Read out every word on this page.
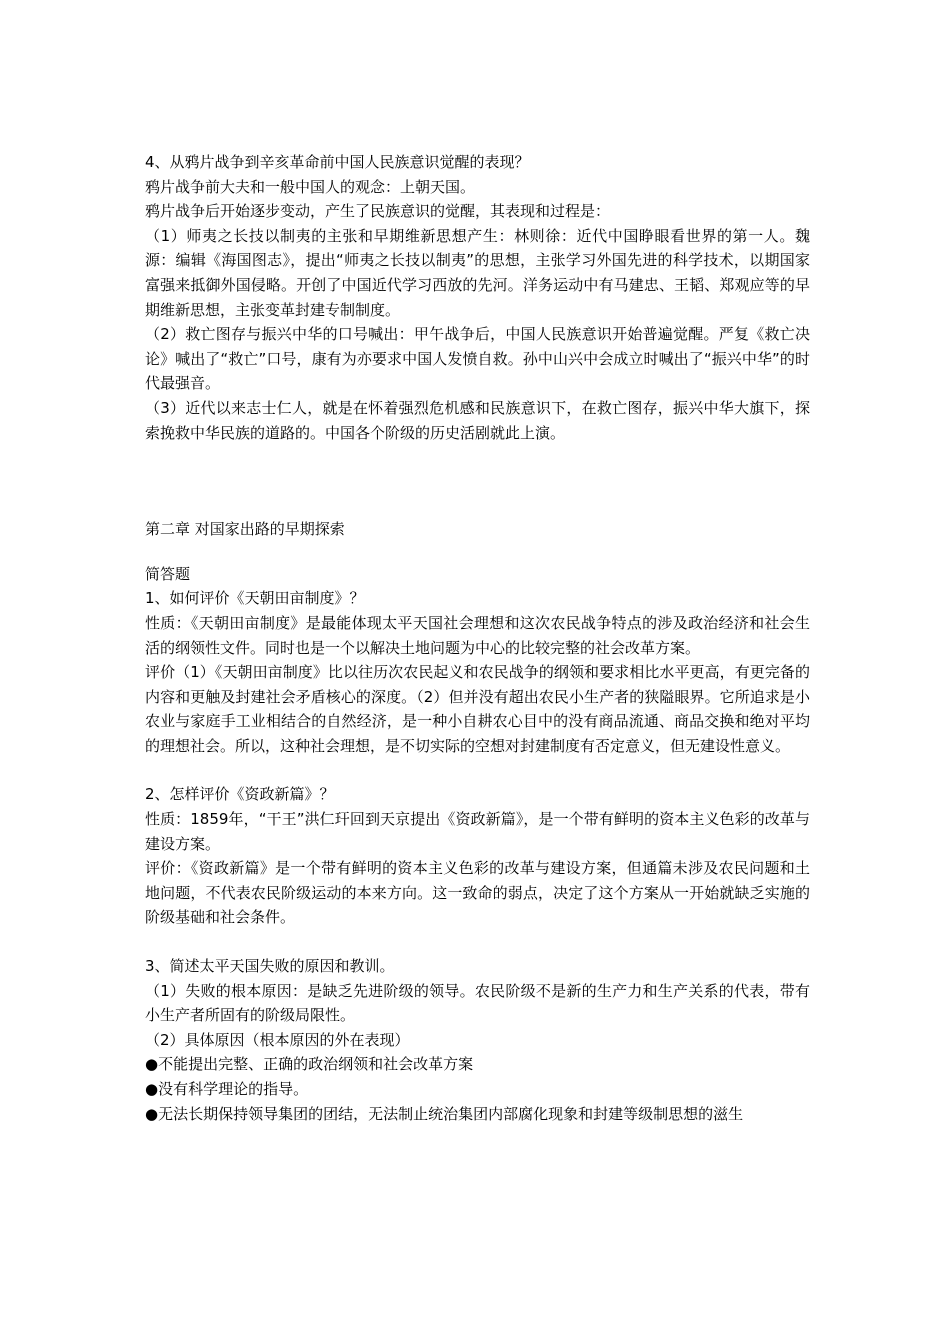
4、从鸦片战争到辛亥革命前中国人民族意识觉醒的表现？

鸦片战争前大夫和一般中国人的观念：上朝天国。

鸦片战争后开始逐步变动，产生了民族意识的觉醒，其表现和过程是：

（1）师夷之长技以制夷的主张和早期维新思想产生：林则徐：近代中国睁眼看世界的第一人。魏源：编辑《海国图志》，提出“师夷之长技以制夷”的思想，主张学习外国先进的科学技术，以期国家富强来抵御外国侵略。开创了中国近代学习西放的先河。洋务运动中有马建忠、王韬、郑观应等的早期维新思想，主张变革封建专制制度。

（2）救亡图存与振兴中华的口号喊出：甲午战争后，中国人民族意识开始普遍觉醒。严复《救亡决论》喊出了“救亡”口号，康有为亦要求中国人发愤自救。孙中山兴中会成立时喊出了“振兴中华”的时代最强音。

（3）近代以来志士仁人，就是在怀着强烈危机感和民族意识下，在救亡图存，振兴中华大旗下，探索挽救中华民族的道路的。中国各个阶级的历史活剧就此上演。

第二章 对国家出路的早期探索

简答题

1、如何评价《天朝田亩制度》？

性质：《天朝田亩制度》是最能体现太平天国社会理想和这次农民战争特点的涉及政治经济和社会生活的纲领性文件。同时也是一个以解决土地问题为中心的比较完整的社会改革方案。

评价（1）《天朝田亩制度》比以往历次农民起义和农民战争的纲领和要求相比水平更高，有更完备的内容和更触及封建社会矛盾核心的深度。（2）但并没有超出农民小生产者的狭隘眼界。它所追求是小农业与家庭手工业相结合的自然经济，是一种小自耕农心目中的没有商品流通、商品交换和绝对平均的理想社会。所以，这种社会理想，是不切实际的空想对封建制度有否定意义，但无建设性意义。

2、怎样评价《资政新篇》？

性质：1859年，“干王”洪仁玕回到天京提出《资政新篇》，是一个带有鲜明的资本主义色彩的改革与建设方案。

评价：《资政新篇》是一个带有鲜明的资本主义色彩的改革与建设方案，但通篇未涉及农民问题和土地问题，不代表农民阶级运动的本来方向。这一致命的弱点，决定了这个方案从一开始就缺乏实施的阶级基础和社会条件。

3、简述太平天国失败的原因和教训。

（1）失败的根本原因：是缺乏先进阶级的领导。农民阶级不是新的生产力和生产关系的代表，带有小生产者所固有的阶级局限性。

（2）具体原因（根本原因的外在表现）

●不能提出完整、正确的政治纲领和社会改革方案

●没有科学理论的指导。

●无法长期保持领导集团的团结，无法制止统治集团内部腐化现象和封建等级制思想的滋生
